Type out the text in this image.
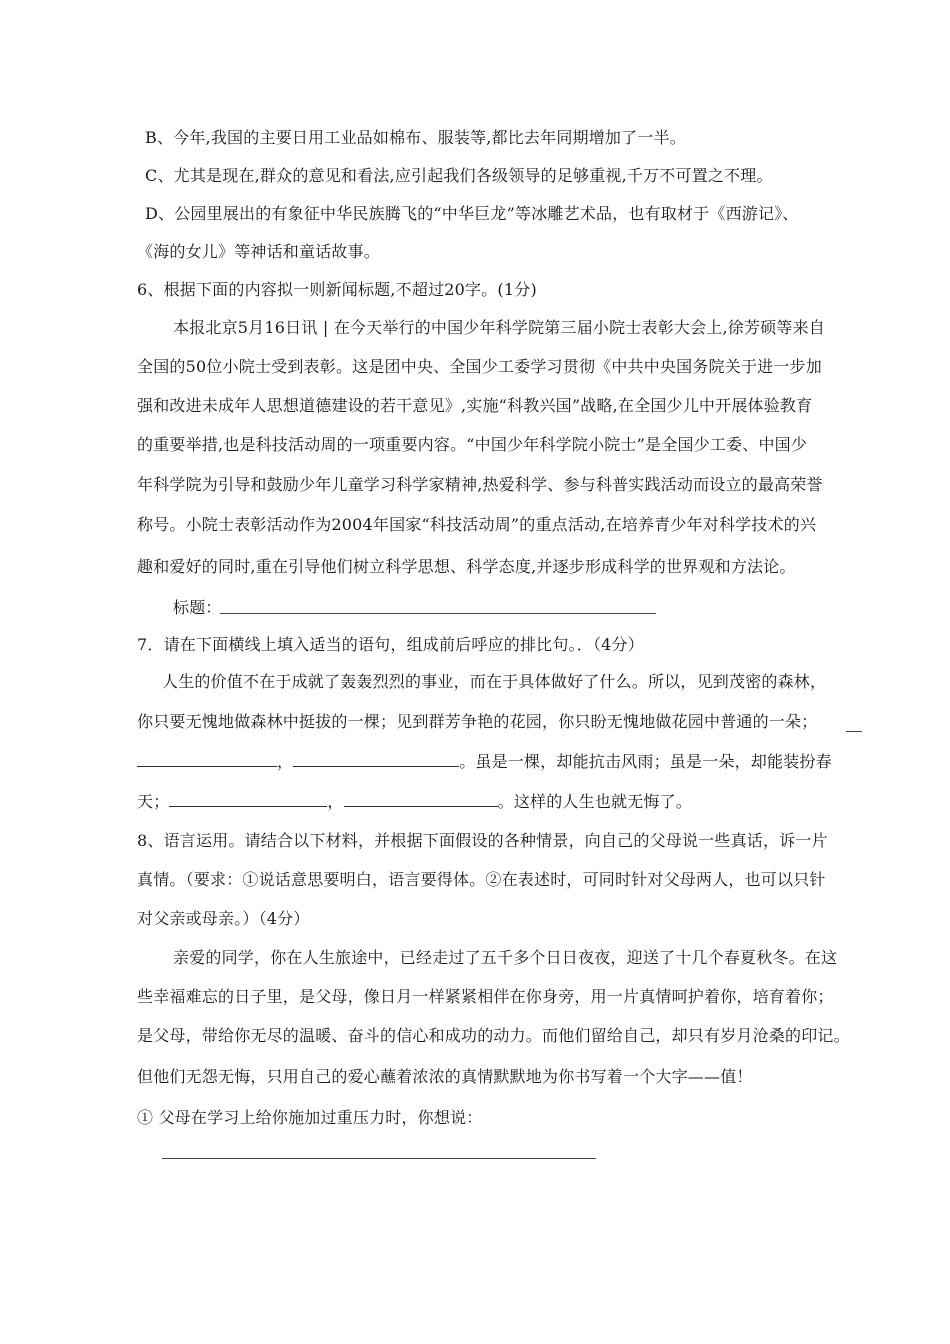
B、今年,我国的主要日用工业品如棉布、服装等,都比去年同期增加了一半。
C、尤其是现在,群众的意见和看法,应引起我们各级领导的足够重视,千万不可置之不理。
D、公园里展出的有象征中华民族腾飞的“中华巨龙”等冰雕艺术品，也有取材于《西游记》、
《海的女儿》等神话和童话故事。
6、根据下面的内容拟一则新闻标题,不超过20字。(1分)
本报北京5月16日讯 | 在今天举行的中国少年科学院第三届小院士表彰大会上,徐芳硕等来自
全国的50位小院士受到表彰。这是团中央、全国少工委学习贯彻《中共中央国务院关于进一步加
强和改进未成年人思想道德建设的若干意见》,实施“科教兴国”战略,在全国少儿中开展体验教育
的重要举措,也是科技活动周的一项重要内容。“中国少年科学院小院士”是全国少工委、中国少
年科学院为引导和鼓励少年儿童学习科学家精神,热爱科学、参与科普实践活动而设立的最高荣誉
称号。小院士表彰活动作为2004年国家“科技活动周”的重点活动,在培养青少年对科学技术的兴
趣和爱好的同时,重在引导他们树立科学思想、科学态度,并逐步形成科学的世界观和方法论。
标题：
7．请在下面横线上填入适当的语句，组成前后呼应的排比句。．（4分）
人生的价值不在于成就了轰轰烈烈的事业，而在于具体做好了什么。所以，见到茂密的森林，
你只要无愧地做森林中挺拔的一棵；见到群芳争艳的花园，你只盼无愧地做花园中普通的一朵；
，	。虽是一棵，却能抗击风雨；虽是一朵，却能装扮春
天；	，	。这样的人生也就无悔了。
8、语言运用。请结合以下材料，并根据下面假设的各种情景，向自己的父母说一些真话，诉一片
真情。（要求：①说话意思要明白，语言要得体。②在表述时，可同时针对父母两人，也可以只针
对父亲或母亲。）（4分）
亲爱的同学，你在人生旅途中，已经走过了五千多个日日夜夜，迎送了十几个春夏秋冬。在这
些幸福难忘的日子里，是父母，像日月一样紧紧相伴在你身旁，用一片真情呵护着你，培育着你；
是父母，带给你无尽的温暖、奋斗的信心和成功的动力。而他们留给自己，却只有岁月沧桑的印记。
但他们无怨无悔，只用自己的爱心蘸着浓浓的真情默默地为你书写着一个大字——值！
① 父母在学习上给你施加过重压力时，你想说：
